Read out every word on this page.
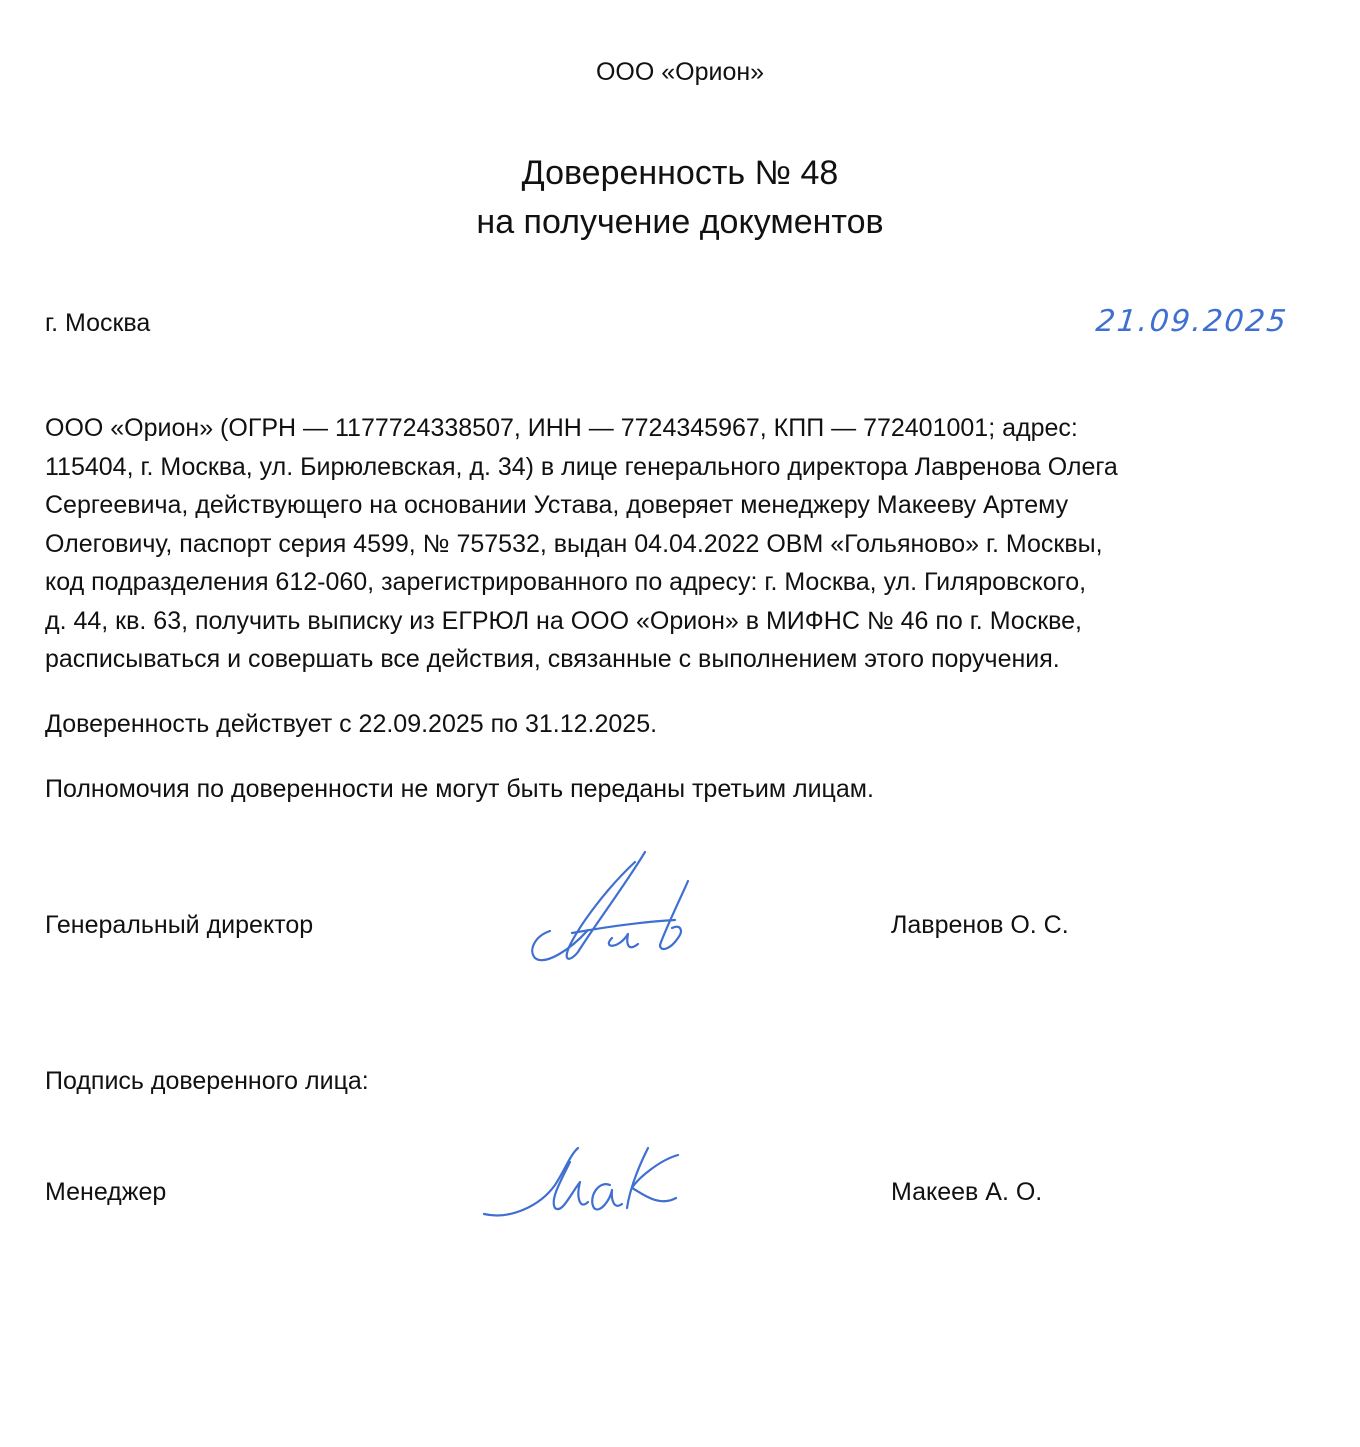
ООО «Орион»
Доверенность № 48
на получение документов
г. Москва	21.09.2025
ООО «Орион» (ОГРН — 1177724338507, ИНН — 7724345967, КПП — 772401001; адрес:
115404, г. Москва, ул. Бирюлевская, д. 34) в лице генерального директора Лавренова Олега
Сергеевича, действующего на основании Устава, доверяет менеджеру Макееву Артему
Олеговичу, паспорт серия 4599, № 757532, выдан 04.04.2022 ОВМ «Гольяново» г. Москвы,
код подразделения 612-060, зарегистрированного по адресу: г. Москва, ул. Гиляровского,
д. 44, кв. 63, получить выписку из ЕГРЮЛ на ООО «Орион» в МИФНС № 46 по г. Москве,
расписываться и совершать все действия, связанные с выполнением этого поручения.
Доверенность действует с 22.09.2025 по 31.12.2025.
Полномочия по доверенности не могут быть переданы третьим лицам.
Генеральный директор	Лавренов О. С.
Подпись доверенного лица:
Менеджер	Макеев А. О.
